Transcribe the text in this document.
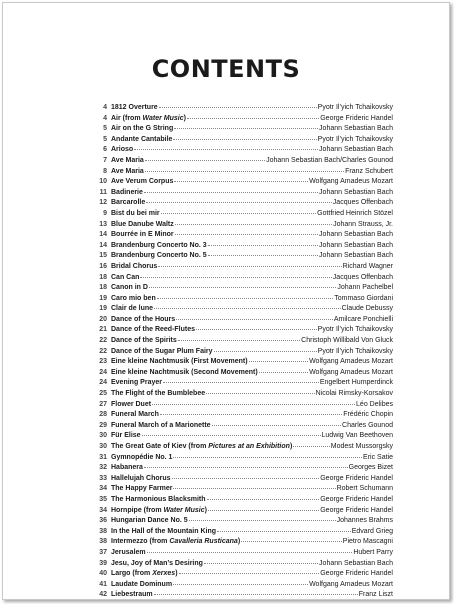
CONTENTS
4 1812 Overture	Pyotr Il’yich Tchaikovsky
4 Air (from Water Music)	George Frideric Handel
5 Air on the G String	Johann Sebastian Bach
5 Andante Cantabile	Pyotr Il’yich Tchaikovsky
6 Arioso	Johann Sebastian Bach
7 Ave Maria	Johann Sebastian Bach/Charles Gounod
8 Ave Maria	Franz Schubert
10 Ave Verum Corpus	Wolfgang Amadeus Mozart
11 Badinerie	Johann Sebastian Bach
12 Barcarolle	Jacques Offenbach
9 Bist du bei mir	Gottfried Heinrich Stözel
13 Blue Danube Waltz	Johann Strauss, Jr.
14 Bourrée in E Minor	Johann Sebastian Bach
14 Brandenburg Concerto No. 3	Johann Sebastian Bach
15 Brandenburg Concerto No. 5	Johann Sebastian Bach
16 Bridal Chorus	Richard Wagner
18 Can Can	Jacques Offenbach
18 Canon in D	Johann Pachelbel
19 Caro mio ben	Tommaso Giordani
19 Clair de lune	Claude Debussy
20 Dance of the Hours	Amilcare Ponchielli
21 Dance of the Reed-Flutes	Pyotr Il’yich Tchaikovsky
22 Dance of the Spirits	Christoph Willibald Von Gluck
22 Dance of the Sugar Plum Fairy	Pyotr Il’yich Tchaikovsky
23 Eine kleine Nachtmusik (First Movement)	Wolfgang Amadeus Mozart
24 Eine kleine Nachtmusik (Second Movement)	Wolfgang Amadeus Mozart
24 Evening Prayer	Engelbert Humperdinck
25 The Flight of the Bumblebee	Nicolai Rimsky-Korsakov
27 Flower Duet	Léo Delibes
28 Funeral March	Frédéric Chopin
29 Funeral March of a Marionette	Charles Gounod
30 Für Elise	Ludwig Van Beethoven
30 The Great Gate of Kiev (from Pictures at an Exhibition)	Modest Mussorgsky
31 Gymnopédie No. 1	Eric Satie
32 Habanera	Georges Bizet
33 Hallelujah Chorus	George Frideric Handel
34 The Happy Farmer	Robert Schumann
35 The Harmonious Blacksmith	George Frideric Handel
34 Hornpipe (from Water Music)	George Frideric Handel
36 Hungarian Dance No. 5	Johannes Brahms
38 In the Hall of the Mountain King	Edvard Grieg
38 Intermezzo (from Cavalleria Rusticana)	Pietro Mascagni
37 Jerusalem	Hubert Parry
39 Jesu, Joy of Man’s Desiring	Johann Sebastian Bach
40 Largo (from Xerxes)	George Frideric Handel
41 Laudate Dominum	Wolfgang Amadeus Mozart
42 Liebestraum	Franz Liszt
